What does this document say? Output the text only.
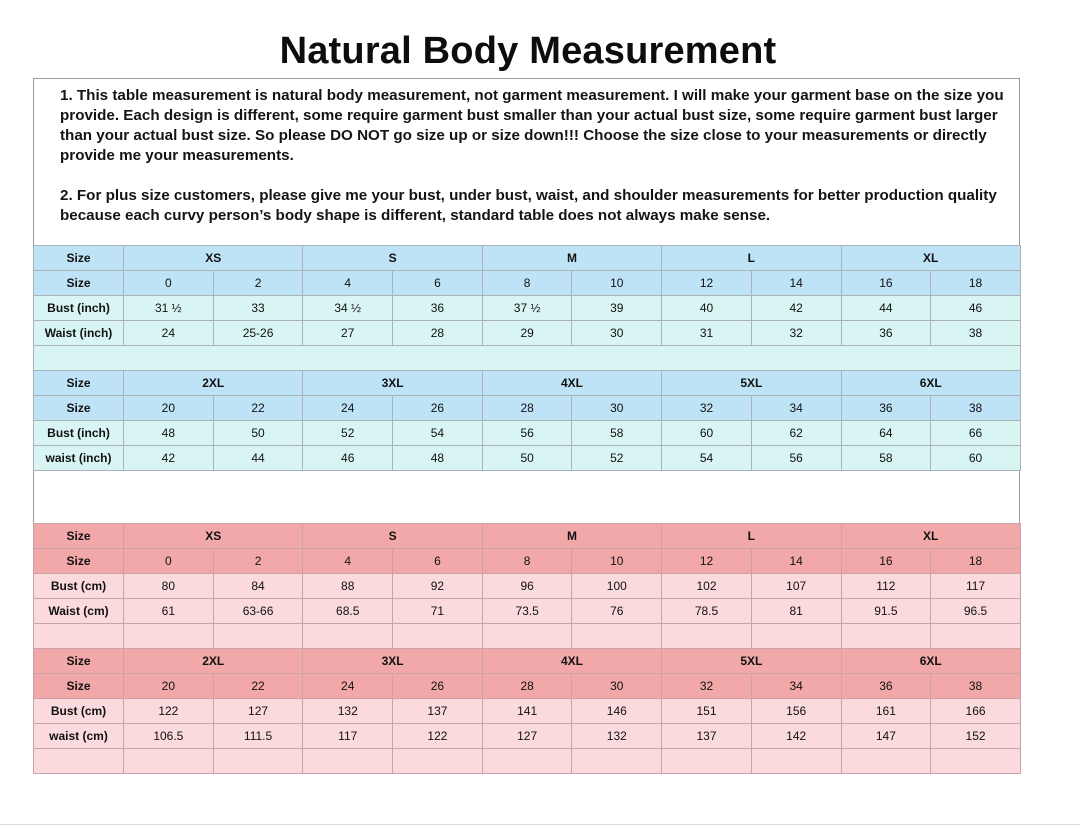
Natural Body Measurement

1. This table measurement is natural body measurement, not garment measurement. I will make your garment base on the size you provide. Each design is different, some require garment bust smaller than your actual bust size, some require garment bust larger than your actual bust size. So please DO NOT go size up or size down!!! Choose the size close to your measurements or directly provide me your measurements.

2. For plus size customers, please give me your bust, under bust, waist, and shoulder measurements for better production quality because each curvy person’s body shape is different, standard table does not always make sense.

Size	XS		S		M		L		XL	
Size	0	2	4	6	8	10	12	14	16	18
Bust (inch)	31 ½	33	34 ½	36	37 ½	39	40	42	44	46
Waist (inch)	24	25-26	27	28	29	30	31	32	36	38

Size	2XL		3XL		4XL		5XL		6XL	
Size	20	22	24	26	28	30	32	34	36	38
Bust (inch)	48	50	52	54	56	58	60	62	64	66
waist (inch)	42	44	46	48	50	52	54	56	58	60
Size	XS		S		M		L		XL	
Size	0	2	4	6	8	10	12	14	16	18
Bust (cm)	80	84	88	92	96	100	102	107	112	117
Waist (cm)	61	63-66	68.5	71	73.5	76	78.5	81	91.5	96.5

Size	2XL		3XL		4XL		5XL		6XL	
Size	20	22	24	26	28	30	32	34	36	38
Bust (cm)	122	127	132	137	141	146	151	156	161	166
waist (cm)	106.5	111.5	117	122	127	132	137	142	147	152
